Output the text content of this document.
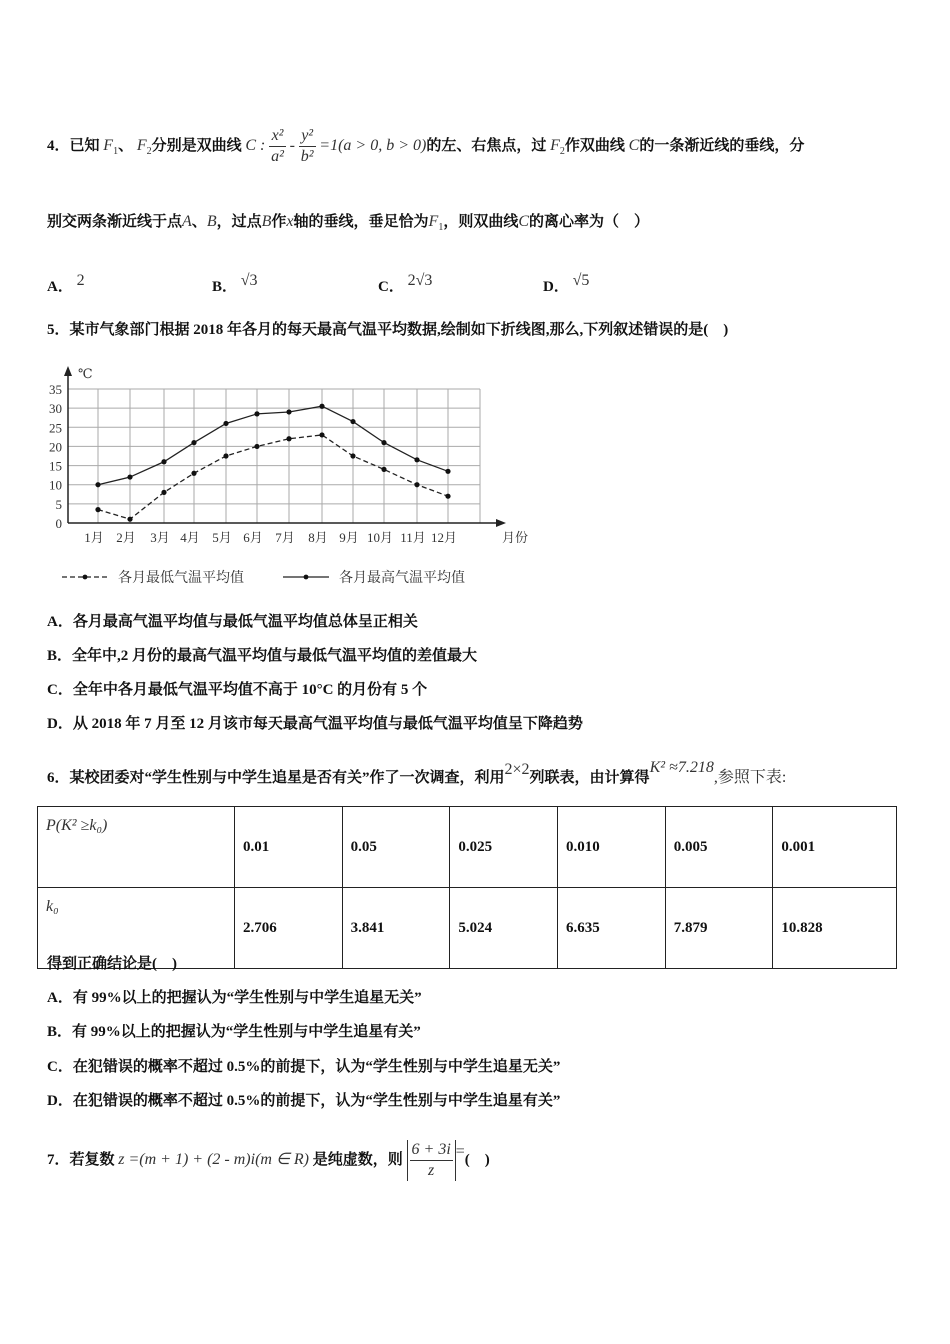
4．已知 $F_1$、 $F_2$分别是双曲线 C : $\frac{\text{x²}}{\text{a²}} - \frac{\text{y²}}{\text{b²}} =1(a > 0$, b > 0)的左、右焦点，过 $F_2$作双曲线 C的一条渐近线的垂线，分
别交两条渐近线于点A、B，过点B作x轴的垂线，垂足恰为$F_1$，则双曲线C的离心率为（　）
A． 2	B． √3	C． 2√3	D． √5
5．某市气象部门根据 2018 年各月的每天最高气温平均数据,绘制如下折线图,那么,下列叙述错误的是(　)
0
5
10
15
20
25
30
35
℃
1月 2月 3月 4月 5月 6月 7月 8月 9月 10月 11月 12月	月份
各月最低气温平均值	各月最高气温平均值
A．各月最高气温平均值与最低气温平均值总体呈正相关
B．全年中,2 月份的最高气温平均值与最低气温平均值的差值最大
C．全年中各月最低气温平均值不高于 10°C 的月份有 5 个
D．从 2018 年 7 月至 12 月该市每天最高气温平均值与最低气温平均值呈下降趋势
6．某校团委对“学生性别与中学生追星是否有关”作了一次调查，利用2×2列联表，由计算得K² ≈7.218,参照下表:
P(K² ≥k₀)	0.01	0.05	0.025	0.010	0.005	0.001
k₀	2.706	3.841	5.024	6.635	7.879	10.828
得到正确结论是(　)
A．有 99%以上的把握认为“学生性别与中学生追星无关”
B．有 99%以上的把握认为“学生性别与中学生追星有关”
C．在犯错误的概率不超过 0.5%的前提下，认为“学生性别与中学生追星无关”
D．在犯错误的概率不超过 0.5%的前提下，认为“学生性别与中学生追星有关”
7．若复数 z =(m + 1) + (2 - m)i(m ∈ R) 是纯虚数，则 $\frac{6 + 3i}{z}$ =(　)
